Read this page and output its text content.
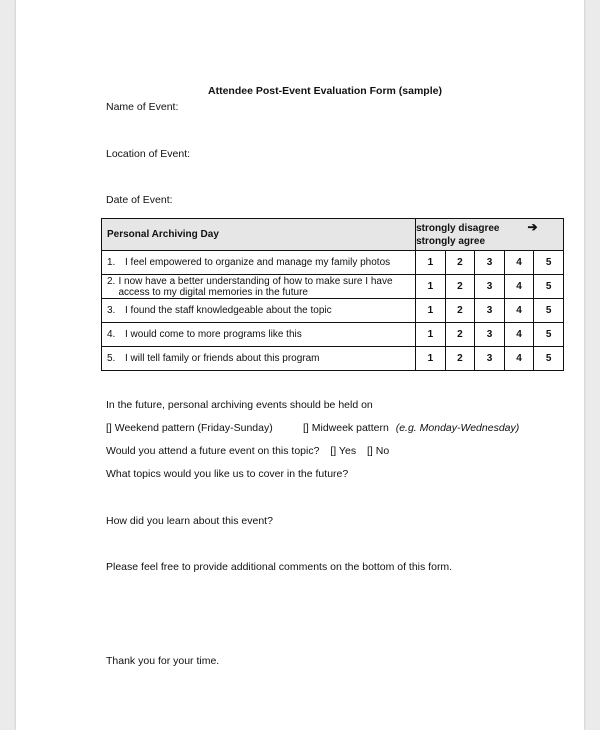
Attendee Post-Event Evaluation Form (sample)
Name of Event:
Location of Event:
Date of Event:
Personal Archiving Day	strongly disagree ➔
strongly agree				

1. I feel empowered to organize and manage my family photos	1	2	3	4	5

2. I now have a better understanding of how to make sure I have access to my digital memories in the future	1	2	3	4	5

3. I found the staff knowledgeable about the topic	1	2	3	4	5

4. I would come to more programs like this	1	2	3	4	5

5. I will tell family or friends about this program	1	2	3	4	5
In the future, personal archiving events should be held on
[] Weekend pattern (Friday-Sunday)	[] Midweek pattern (e.g. Monday-Wednesday)
Would you attend a future event on this topic? [] Yes [] No
What topics would you like us to cover in the future?
How did you learn about this event?
Please feel free to provide additional comments on the bottom of this form.
Thank you for your time.
